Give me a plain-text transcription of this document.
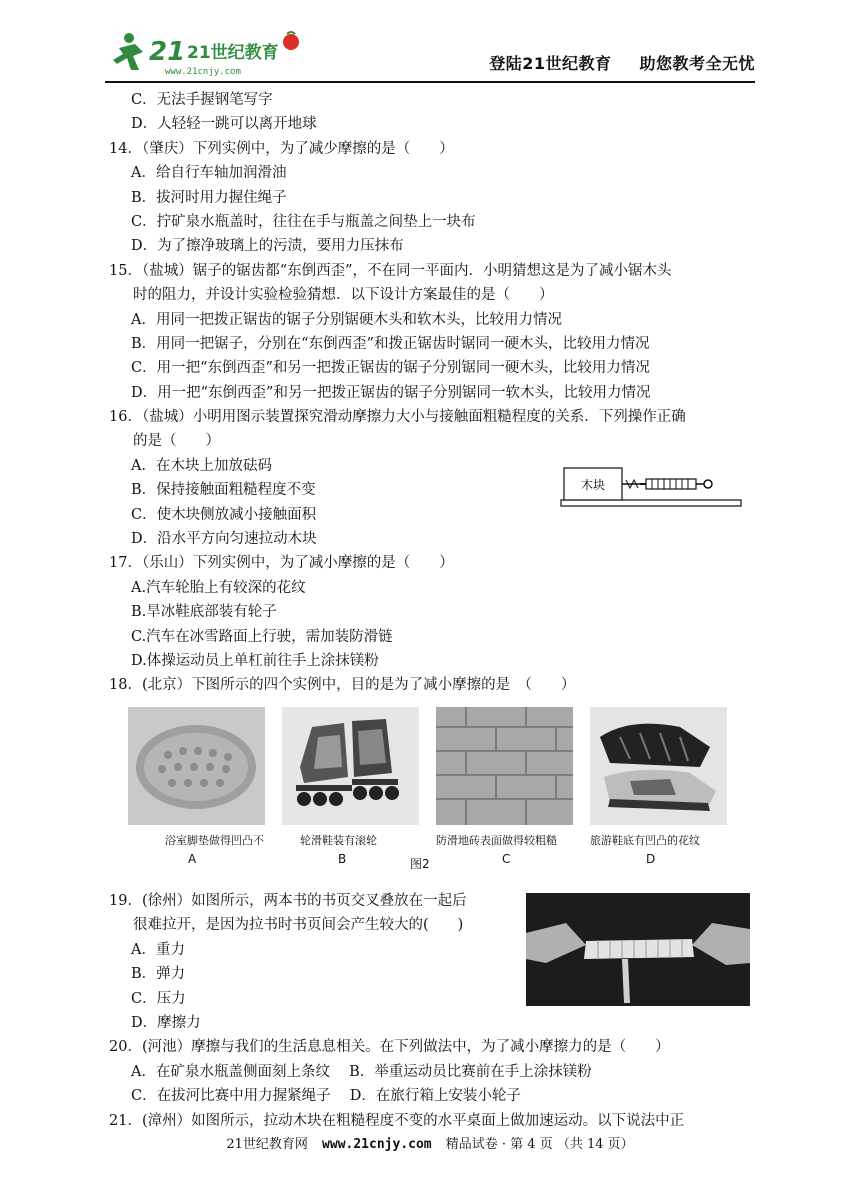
21 21世纪教育
www.21cnjy.com	登陆21世纪教育 助您教考全无忧
C．无法手握钢笔写字
D．人轻轻一跳可以离开地球
14．（肇庆）下列实例中，为了减少摩擦的是（　　）
A．给自行车轴加润滑油
B．拔河时用力握住绳子
C．拧矿泉水瓶盖时，往往在手与瓶盖之间垫上一块布
D．为了擦净玻璃上的污渍，要用力压抹布
15．（盐城）锯子的锯齿都“东倒西歪”，不在同一平面内．小明猜想这是为了减小锯木头
时的阻力，并设计实验检验猜想．以下设计方案最佳的是（　　）
A．用同一把拨正锯齿的锯子分别锯硬木头和软木头，比较用力情况
B．用同一把锯子，分别在“东倒西歪”和拨正锯齿时锯同一硬木头，比较用力情况
C．用一把“东倒西歪”和另一把拨正锯齿的锯子分别锯同一硬木头，比较用力情况
D．用一把“东倒西歪”和另一把拨正锯齿的锯子分别锯同一软木头，比较用力情况
16．（盐城）小明用图示装置探究滑动摩擦力大小与接触面粗糙程度的关系．下列操作正确
的是（　　）
A．在木块上加放砝码
B．保持接触面粗糙程度不变
C．使木块侧放减小接触面积
D．沿水平方向匀速拉动木块
17．（乐山）下列实例中，为了减小摩擦的是（　　）
A.汽车轮胎上有较深的花纹
B.旱冰鞋底部装有轮子
C.汽车在冰雪路面上行驶，需加装防滑链
D.体操运动员上单杠前往手上涂抹镁粉
18．(北京）下图所示的四个实例中，目的是为了减小摩擦的是　（　　）
木块
浴室脚垫做得凹凸不	轮滑鞋装有滚轮	防滑地砖表面做得较粗糙	旅游鞋底有凹凸的花纹
A	B	C	D
图2
19．(徐州）如图所示，两本书的书页交叉叠放在一起后
很难拉开，是因为拉书时书页间会产生较大的(　　)
A．重力
B．弹力
C．压力
D．摩擦力
20．(河池）摩擦与我们的生活息息相关。在下列做法中，为了减小摩擦力的是（　　）
A．在矿泉水瓶盖侧面刻上条纹　 B．举重运动员比赛前在手上涂抹镁粉
C．在拔河比赛中用力握紧绳子　 D．在旅行箱上安装小轮子
21．(漳州）如图所示，拉动木块在粗糙程度不变的水平桌面上做加速运动。以下说法中正
21世纪教育网 www.21cnjy.com 精品试卷 · 第 4 页 （共 14 页）
